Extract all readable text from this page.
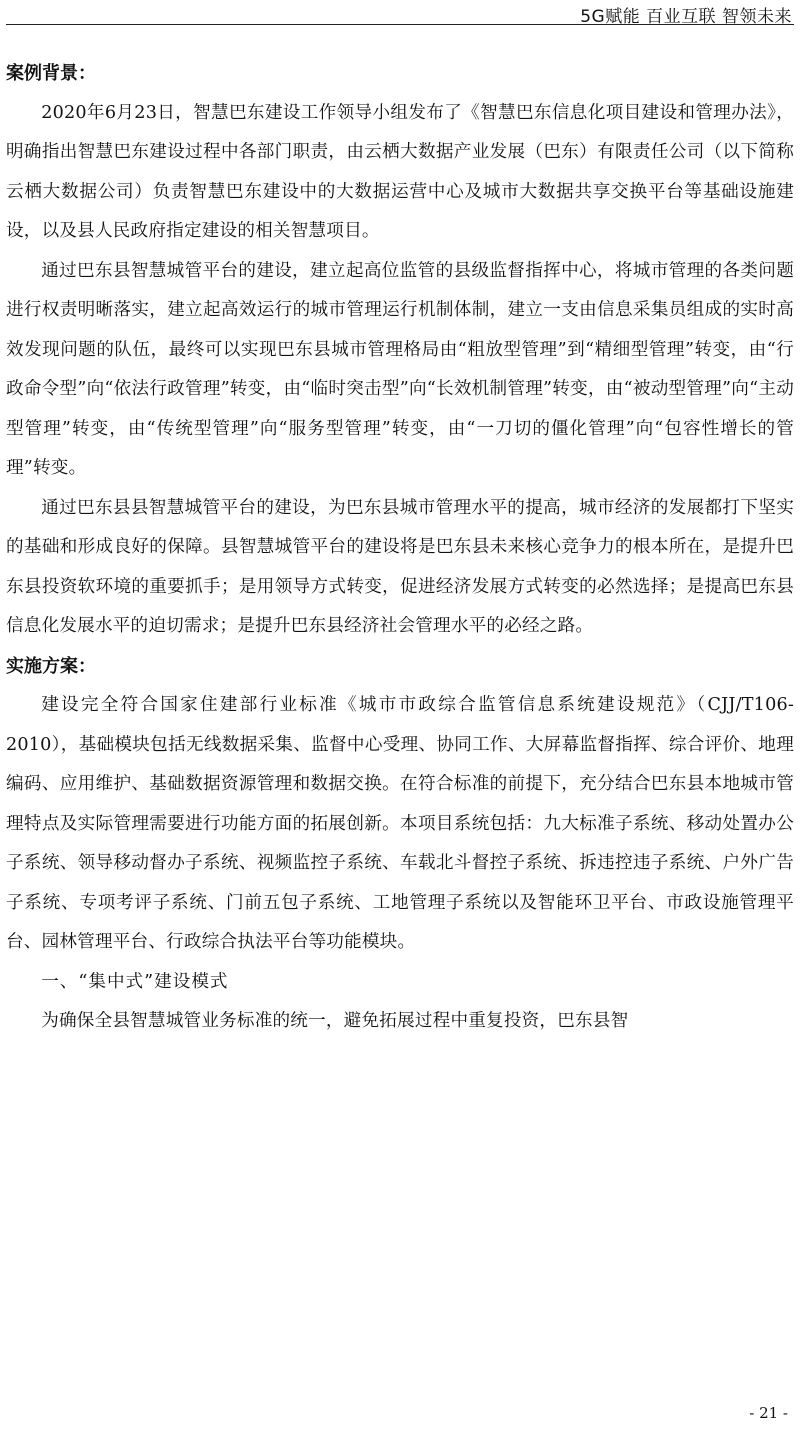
5G赋能 百业互联 智领未来

案例背景：

2020年6月23日，智慧巴东建设工作领导小组发布了《智慧巴东信息化项目建设和管理办法》，明确指出智慧巴东建设过程中各部门职责，由云栖大数据产业发展（巴东）有限责任公司（以下简称云栖大数据公司）负责智慧巴东建设中的大数据运营中心及城市大数据共享交换平台等基础设施建设，以及县人民政府指定建设的相关智慧项目。

通过巴东县智慧城管平台的建设，建立起高位监管的县级监督指挥中心，将城市管理的各类问题进行权责明晰落实，建立起高效运行的城市管理运行机制体制，建立一支由信息采集员组成的实时高效发现问题的队伍，最终可以实现巴东县城市管理格局由“粗放型管理”到“精细型管理”转变，由“行政命令型”向“依法行政管理”转变，由“临时突击型”向“长效机制管理”转变，由“被动型管理”向“主动型管理”转变，由“传统型管理”向“服务型管理”转变，由“一刀切的僵化管理”向“包容性增长的管理”转变。

通过巴东县县智慧城管平台的建设，为巴东县城市管理水平的提高，城市经济的发展都打下坚实的基础和形成良好的保障。县智慧城管平台的建设将是巴东县未来核心竞争力的根本所在，是提升巴东县投资软环境的重要抓手；是用领导方式转变，促进经济发展方式转变的必然选择；是提高巴东县信息化发展水平的迫切需求；是提升巴东县经济社会管理水平的必经之路。

实施方案：

建设完全符合国家住建部行业标准《城市市政综合监管信息系统建设规范》（CJJ/T106-2010），基础模块包括无线数据采集、监督中心受理、协同工作、大屏幕监督指挥、综合评价、地理编码、应用维护、基础数据资源管理和数据交换。在符合标准的前提下，充分结合巴东县本地城市管理特点及实际管理需要进行功能方面的拓展创新。本项目系统包括：九大标准子系统、移动处置办公子系统、领导移动督办子系统、视频监控子系统、车载北斗督控子系统、拆违控违子系统、户外广告子系统、专项考评子系统、门前五包子系统、工地管理子系统以及智能环卫平台、市政设施管理平台、园林管理平台、行政综合执法平台等功能模块。

一、“集中式”建设模式

为确保全县智慧城管业务标准的统一，避免拓展过程中重复投资，巴东县智

- 21 -
